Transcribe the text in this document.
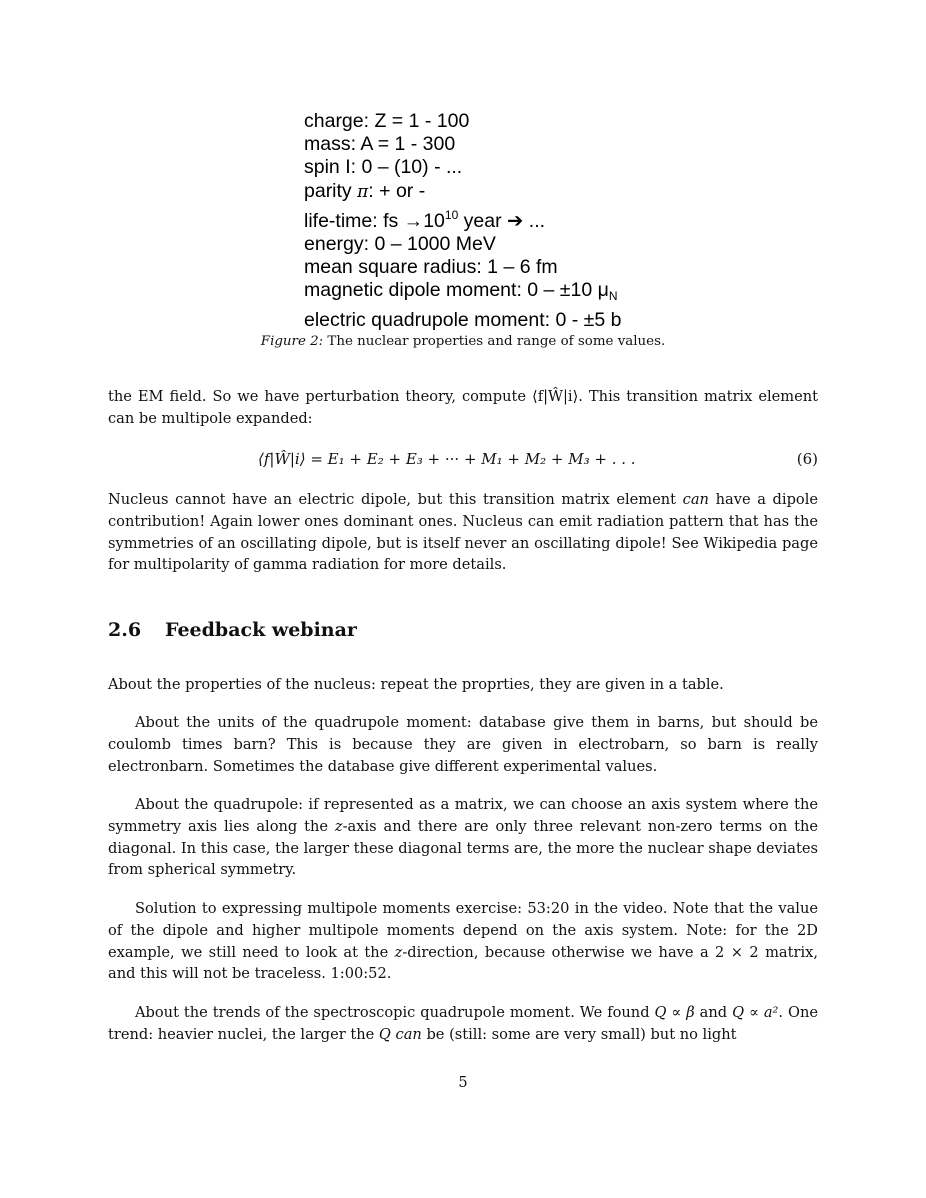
charge: Z = 1 - 100
mass: A = 1 - 300
spin I: 0 – (10) - ...
parity π: + or -
life-time: fs $\to 10^{10}$ year ➔ ...
energy: 0 – 1000 MeV
mean square radius: 1 – 6 fm
magnetic dipole moment: 0 – ±10 $\mu_N$
electric quadrupole moment: 0 - ±5 b
Figure 2: The nuclear properties and range of some values.
the EM field. So we have perturbation theory, compute ⟨f|Ŵ|i⟩. This transition matrix element can be multipole expanded:
⟨f|Ŵ|i⟩ = E₁ + E₂ + E₃ + ··· + M₁ + M₂ + M₃ + . . .	(6)
Nucleus cannot have an electric dipole, but this transition matrix element can have a dipole contribution! Again lower ones dominant ones. Nucleus can emit radiation pattern that has the symmetries of an oscillating dipole, but is itself never an oscillating dipole! See Wikipedia page for multipolarity of gamma radiation for more details.
2.6 Feedback webinar
About the properties of the nucleus: repeat the proprties, they are given in a table.
About the units of the quadrupole moment: database give them in barns, but should be coulomb times barn? This is because they are given in electrobarn, so barn is really electronbarn. Sometimes the database give different experimental values.
About the quadrupole: if represented as a matrix, we can choose an axis system where the symmetry axis lies along the z-axis and there are only three relevant non-zero terms on the diagonal. In this case, the larger these diagonal terms are, the more the nuclear shape deviates from spherical symmetry.
Solution to expressing multipole moments exercise: 53:20 in the video. Note that the value of the dipole and higher multipole moments depend on the axis system. Note: for the 2D example, we still need to look at the z-direction, because otherwise we have a 2 × 2 matrix, and this will not be traceless. 1:00:52.
About the trends of the spectroscopic quadrupole moment. We found Q ∝ β and Q ∝ a². One trend: heavier nuclei, the larger the Q can be (still: some are very small) but no light
5
